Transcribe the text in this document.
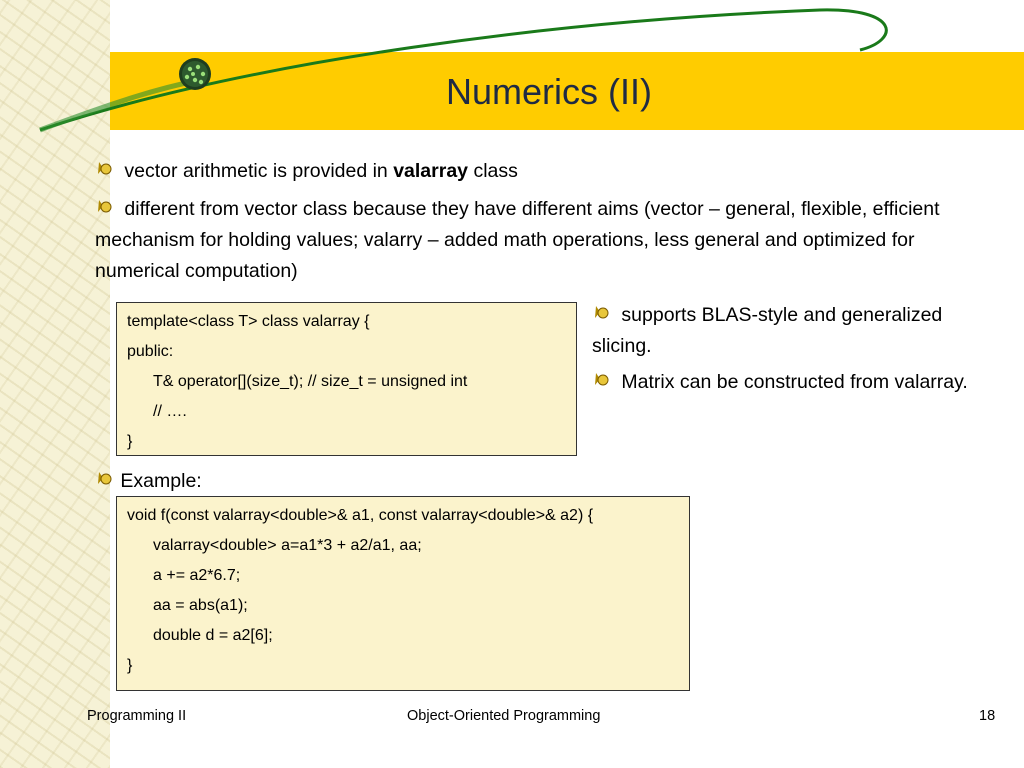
Numerics (II)
vector arithmetic is provided in valarray class
different from vector class because they have different aims (vector – general, flexible, efficient mechanism for holding values; valarry – added math operations, less general and optimized for numerical computation)
template<class T> class valarray {
public:
T& operator[](size_t); // size_t = unsigned int
// ….
}
supports BLAS-style and generalized slicing.
Matrix can be constructed from valarray.
Example:
void f(const valarray<double>& a1, const valarray<double>& a2) {
valarray<double> a=a1*3 + a2/a1, aa;
a += a2*6.7;
aa = abs(a1);
double d = a2[6];
}
Programming II	Object-Oriented Programming	18
